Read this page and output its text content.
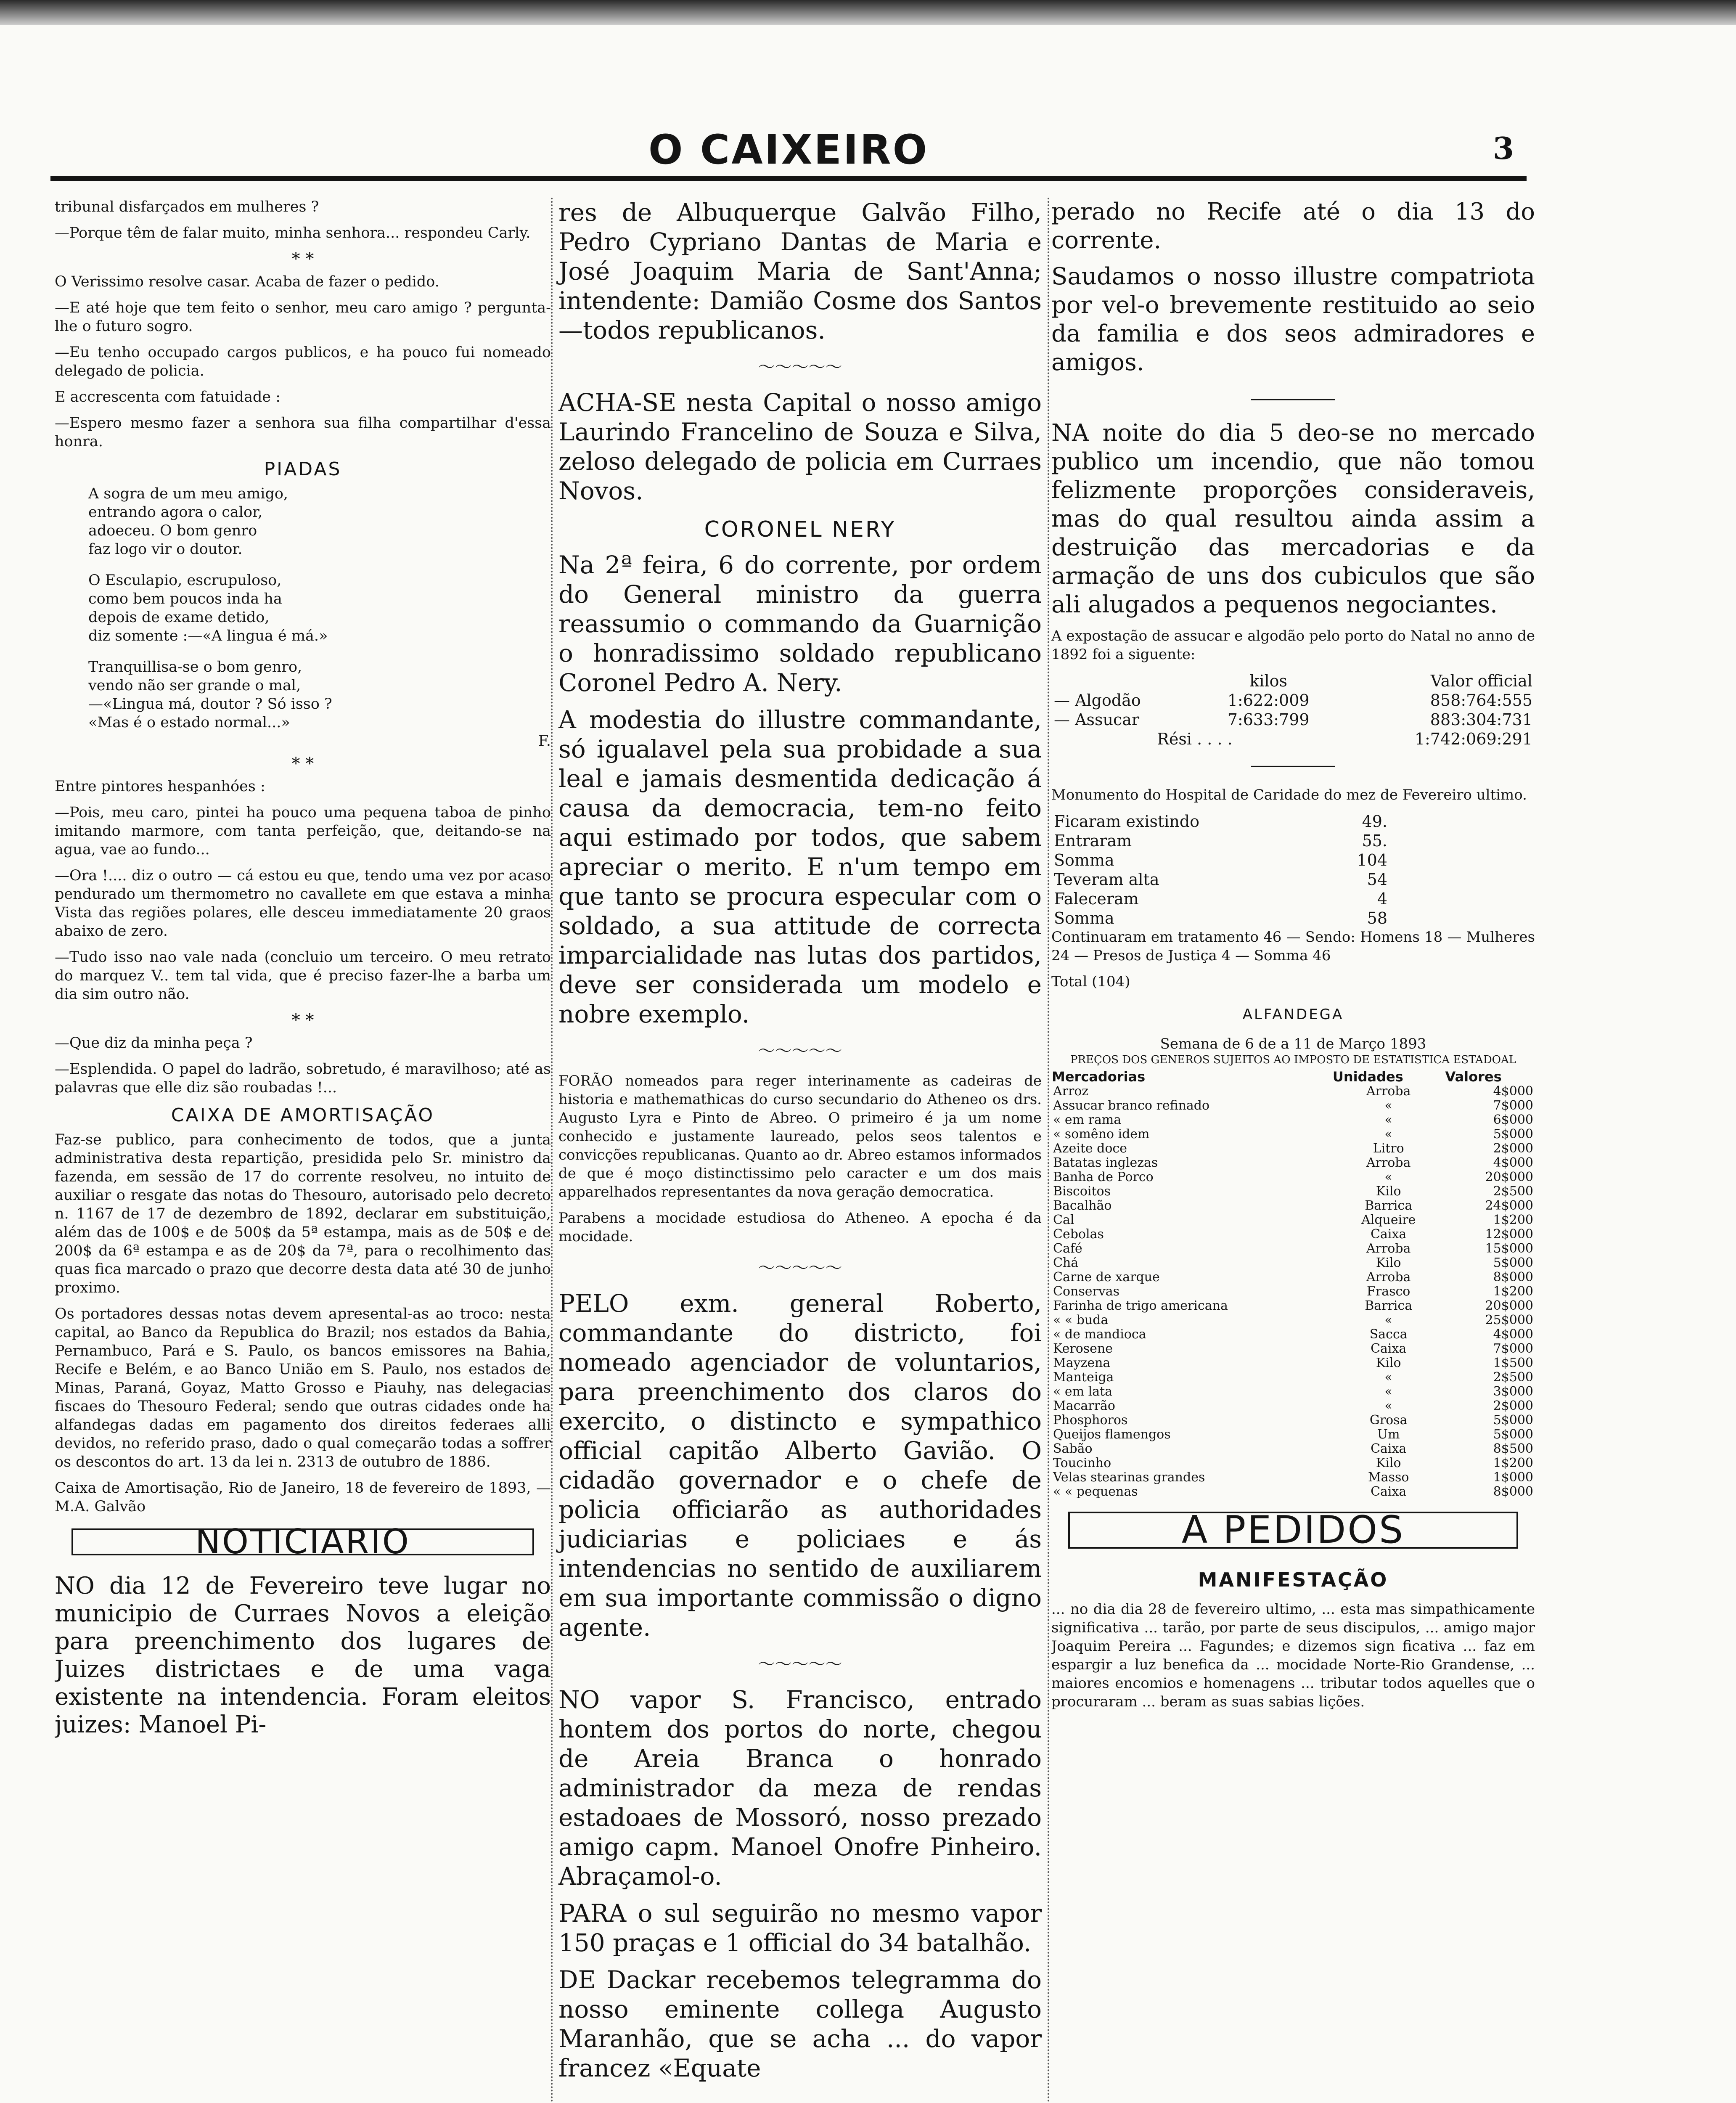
O CAIXEIRO	3

tribunal disfarçados em mulheres ?

—Porque têm de falar muito, minha senhora... respondeu Carly.

* *

O Verissimo resolve casar. Acaba de fazer o pedido.

—E até hoje que tem feito o senhor, meu caro amigo ? pergunta-lhe o futuro sogro.

—Eu tenho occupado cargos publicos, e ha pouco fui nomeado delegado de policia.

E accrescenta com fatuidade :

—Espero mesmo fazer a senhora sua filha compartilhar d'essa honra.

PIADAS
A sogra de um meu amigo,
entrando agora o calor,
adoeceu. O bom genro
faz logo vir o doutor.
O Esculapio, escrupuloso,
como bem poucos inda ha
depois de exame detido,
diz somente :—«A lingua é má.»
Tranquillisa-se o bom genro,
vendo não ser grande o mal,
—«Lingua má, doutor ? Só isso ?
«Mas é o estado normal...»
F.
* *

Entre pintores hespanhóes :

—Pois, meu caro, pintei ha pouco uma pequena taboa de pinho imitando marmore, com tanta perfeição, que, deitando-se na agua, vae ao fundo...

—Ora !.... diz o outro — cá estou eu que, tendo uma vez por acaso pendurado um thermometro no cavallete em que estava a minha Vista das regiões polares, elle desceu immediatamente 20 graos abaixo de zero.

—Tudo isso nao vale nada (concluio um terceiro. O meu retrato do marquez V.. tem tal vida, que é preciso fazer-lhe a barba um dia sim outro não.

* *

—Que diz da minha peça ?

—Esplendida. O papel do ladrão, sobretudo, é maravilhoso; até as palavras que elle diz são roubadas !...

CAIXA DE AMORTISAÇÃO

Faz-se publico, para conhecimento de todos, que a junta administrativa desta repartição, presidida pelo Sr. ministro da fazenda, em sessão de 17 do corrente resolveu, no intuito de auxiliar o resgate das notas do Thesouro, autorisado pelo decreto n. 1167 de 17 de dezembro de 1892, declarar em substituição, além das de 100$ e de 500$ da 5ª estampa, mais as de 50$ e de 200$ da 6ª estampa e as de 20$ da 7ª, para o recolhimento das quas fica marcado o prazo que decorre desta data até 30 de junho proximo.

Os portadores dessas notas devem apresental-as ao troco: nesta capital, ao Banco da Republica do Brazil; nos estados da Bahia, Pernambuco, Pará e S. Paulo, os bancos emissores na Bahia, Recife e Belém, e ao Banco União em S. Paulo, nos estados de Minas, Paraná, Goyaz, Matto Grosso e Piauhy, nas delegacias fiscaes do Thesouro Federal; sendo que outras cidades onde ha alfandegas dadas em pagamento dos direitos federaes alli devidos, no referido praso, dado o qual começarão todas a soffrer os descontos do art. 13 da lei n. 2313 de outubro de 1886.

Caixa de Amortisação, Rio de Janeiro, 18 de fevereiro de 1893, —M.A. Galvão

NOTICIARIO

NO dia 12 de Fevereiro teve lugar no municipio de Curraes Novos a eleição para preenchimento dos lugares de Juizes districtaes e de uma vaga existente na intendencia. Foram eleitos juizes: Manoel Pi-

res de Albuquerque Galvão Filho, Pedro Cypriano Dantas de Maria e José Joaquim Maria de Sant'Anna; intendente: Damião Cosme dos Santos—todos republicanos.

～～～～～

ACHA-SE nesta Capital o nosso amigo Laurindo Francelino de Souza e Silva, zeloso delegado de policia em Curraes Novos.

CORONEL NERY

Na 2ª feira, 6 do corrente, por ordem do General ministro da guerra reassumio o commando da Guarnição o honradissimo soldado republicano Coronel Pedro A. Nery.

A modestia do illustre commandante, só igualavel pela sua probidade a sua leal e jamais desmentida dedicação á causa da democracia, tem-no feito aqui estimado por todos, que sabem apreciar o merito. E n'um tempo em que tanto se procura especular com o soldado, a sua attitude de correcta imparcialidade nas lutas dos partidos, deve ser considerada um modelo e nobre exemplo.

～～～～～

FORÃO nomeados para reger interinamente as cadeiras de historia e mathemathicas do curso secundario do Atheneo os drs. Augusto Lyra e Pinto de Abreo. O primeiro é ja um nome conhecido e justamente laureado, pelos seos talentos e convicções republicanas. Quanto ao dr. Abreo estamos informados de que é moço distinctissimo pelo caracter e um dos mais apparelhados representantes da nova geração democratica.

Parabens a mocidade estudiosa do Atheneo. A epocha é da mocidade.

～～～～～

PELO exm. general Roberto, commandante do districto, foi nomeado agenciador de voluntarios, para preenchimento dos claros do exercito, o distincto e sympathico official capitão Alberto Gavião. O cidadão governador e o chefe de policia officiarão as authoridades judiciarias e policiaes e ás intendencias no sentido de auxiliarem em sua importante commissão o digno agente.

～～～～～

NO vapor S. Francisco, entrado hontem dos portos do norte, chegou de Areia Branca o honrado administrador da meza de rendas estadoaes de Mossoró, nosso prezado amigo capm. Manoel Onofre Pinheiro. Abraçamol-o.

PARA o sul seguirão no mesmo vapor 150 praças e 1 official do 34 batalhão.

DE Dackar recebemos telegramma do nosso eminente collega Augusto Maranhão, que se acha ... do vapor francez «Equate

perado no Recife até o dia 13 do corrente.

Saudamos o nosso illustre compatriota por vel-o brevemente restituido ao seio da familia e dos seos admiradores e amigos.

―――――

NA noite do dia 5 deo-se no mercado publico um incendio, que não tomou felizmente proporções consideraveis, mas do qual resultou ainda assim a destruição das mercadorias e da armação de uns dos cubiculos que são ali alugados a pequenos negociantes.

A expostação de assucar e algodão pelo porto do Natal no anno de 1892 foi a siguente:

	kilos	Valor official
— Algodão	1:622:009	858:764:555
— Assucar	7:633:799	883:304:731
Rési . . . .		1:742:069:291
―――――

Monumento do Hospital de Caridade do mez de Fevereiro ultimo.

Ficaram existindo	49.
Entraram	55.
Somma	104
Teveram alta	54
Faleceram	4
Somma	58

Continuaram em tratamento 46 — Sendo: Homens 18 — Mulheres 24 — Presos de Justiça 4 — Somma 46

Total (104)

ALFANDEGA
Semana de 6 de a 11 de Março 1893
PREÇOS DOS GENEROS SUJEITOS AO IMPOSTO DE ESTATISTICA ESTADOAL
Mercadorias	Unidades	Valores
Arroz	Arroba	4$000
Assucar branco refinado	«	7$000
« em rama	«	6$000
« somêno idem	«	5$000
Azeite doce	Litro	2$000
Batatas inglezas	Arroba	4$000
Banha de Porco	«	20$000
Biscoitos	Kilo	2$500
Bacalhão	Barrica	24$000
Cal	Alqueire	1$200
Cebolas	Caixa	12$000
Café	Arroba	15$000
Chá	Kilo	5$000
Carne de xarque	Arroba	8$000
Conservas	Frasco	1$200
Farinha de trigo americana	Barrica	20$000
« « buda	«	25$000
« de mandioca	Sacca	4$000
Kerosene	Caixa	7$000
Mayzena	Kilo	1$500
Manteiga	«	2$500
« em lata	«	3$000
Macarrão	«	2$000
Phosphoros	Grosa	5$000
Queijos flamengos	Um	5$000
Sabão	Caixa	8$500
Toucinho	Kilo	1$200
Velas stearinas grandes	Masso	1$000
« « pequenas	Caixa	8$000
A PEDIDOS
MANIFESTAÇÃO

... no dia dia 28 de fevereiro ultimo, ... esta mas simpathicamente significativa ... tarão, por parte de seus discipulos, ... amigo major Joaquim Pereira ... Fagundes; e dizemos sign ficativa ... faz em espargir a luz benefica da ... mocidade Norte-Rio Grandense, ... maiores encomios e homenagens ... tributar todos aquelles que o procuraram ... beram as suas sabias lições.
